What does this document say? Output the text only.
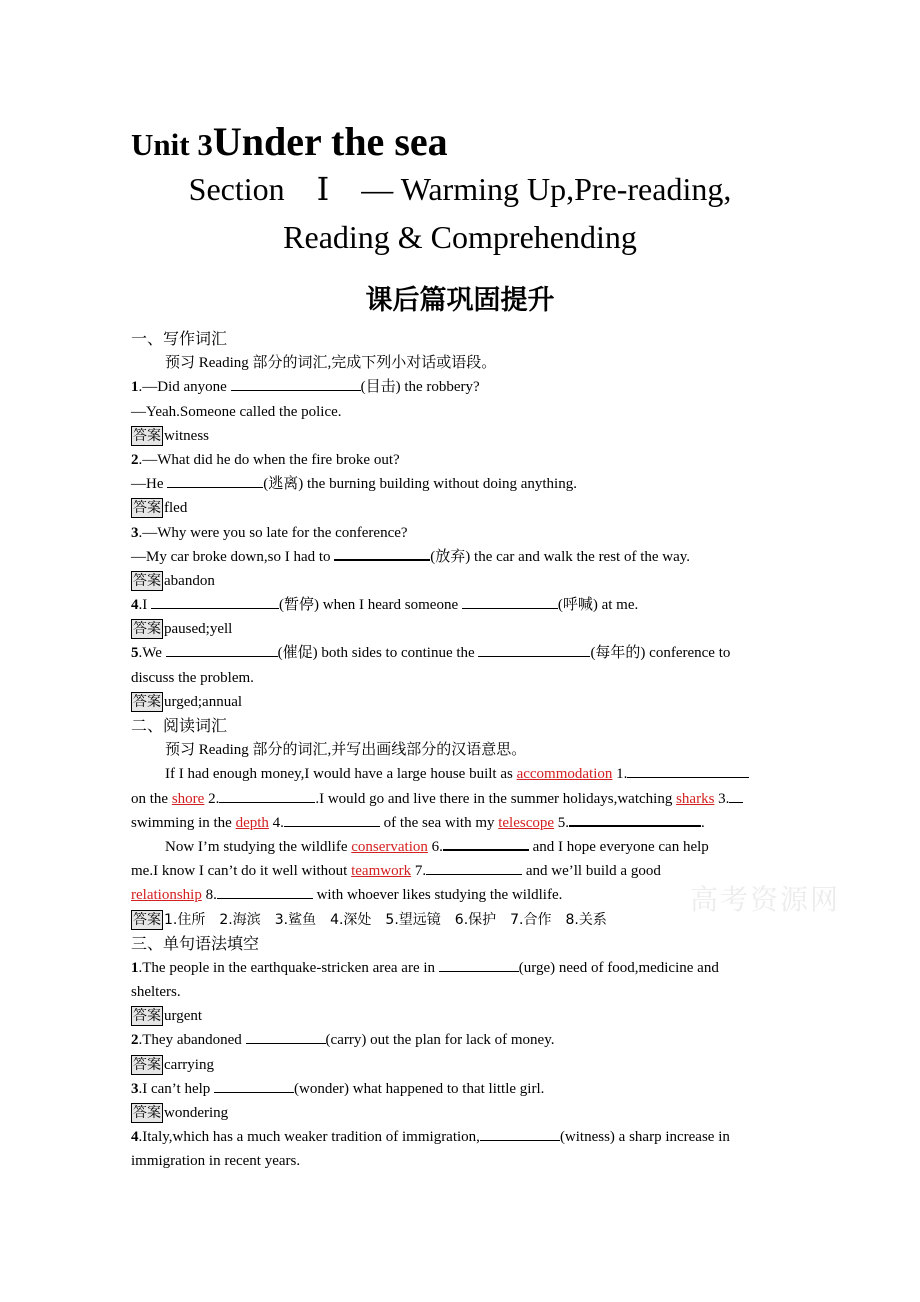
Unit 3Under the sea
Section　Ⅰ　— Warming Up,Pre-reading,
Reading & Comprehending
课后篇巩固提升
一、写作词汇
预习 Reading 部分的词汇,完成下列小对话或语段。
1.—Did anyone	(目击) the robbery?
—Yeah.Someone called the police.
答案 witness
2.—What did he do when the fire broke out?
—He	(逃离) the burning building without doing anything.
答案 fled
3.—Why were you so late for the conference?
—My car broke down,so I had to	(放弃) the car and walk the rest of the way.
答案 abandon
4.I	(暂停) when I heard someone	(呼喊) at me.
答案 paused;yell
5.We	(催促) both sides to continue the	(每年的) conference to
discuss the problem.
答案 urged;annual
二、阅读词汇
预习 Reading 部分的词汇,并写出画线部分的汉语意思。
If I had enough money,I would have a large house built as accommodation 1.
on the shore 2.	.I would go and live there in the summer holidays,watching sharks 3.
swimming in the depth 4.	of the sea with my telescope 5.	.
Now I’m studying the wildlife conservation 6.	and I hope everyone can help
me.I know I can’t do it well without teamwork 7.	and we’ll build a good
relationship 8.	with whoever likes studying the wildlife.
答案 1.住所　2.海滨　3.鲨鱼　4.深处　5.望远镜　6.保护　7.合作　8.关系
三、单句语法填空
1.The people in the earthquake-stricken area are in	(urge) need of food,medicine and
shelters.
答案 urgent
2.They abandoned	(carry) out the plan for lack of money.
答案 carrying
3.I can’t help	(wonder) what happened to that little girl.
答案 wondering
4.Italy,which has a much weaker tradition of immigration,	(witness) a sharp increase in
immigration in recent years.
高考资源网
